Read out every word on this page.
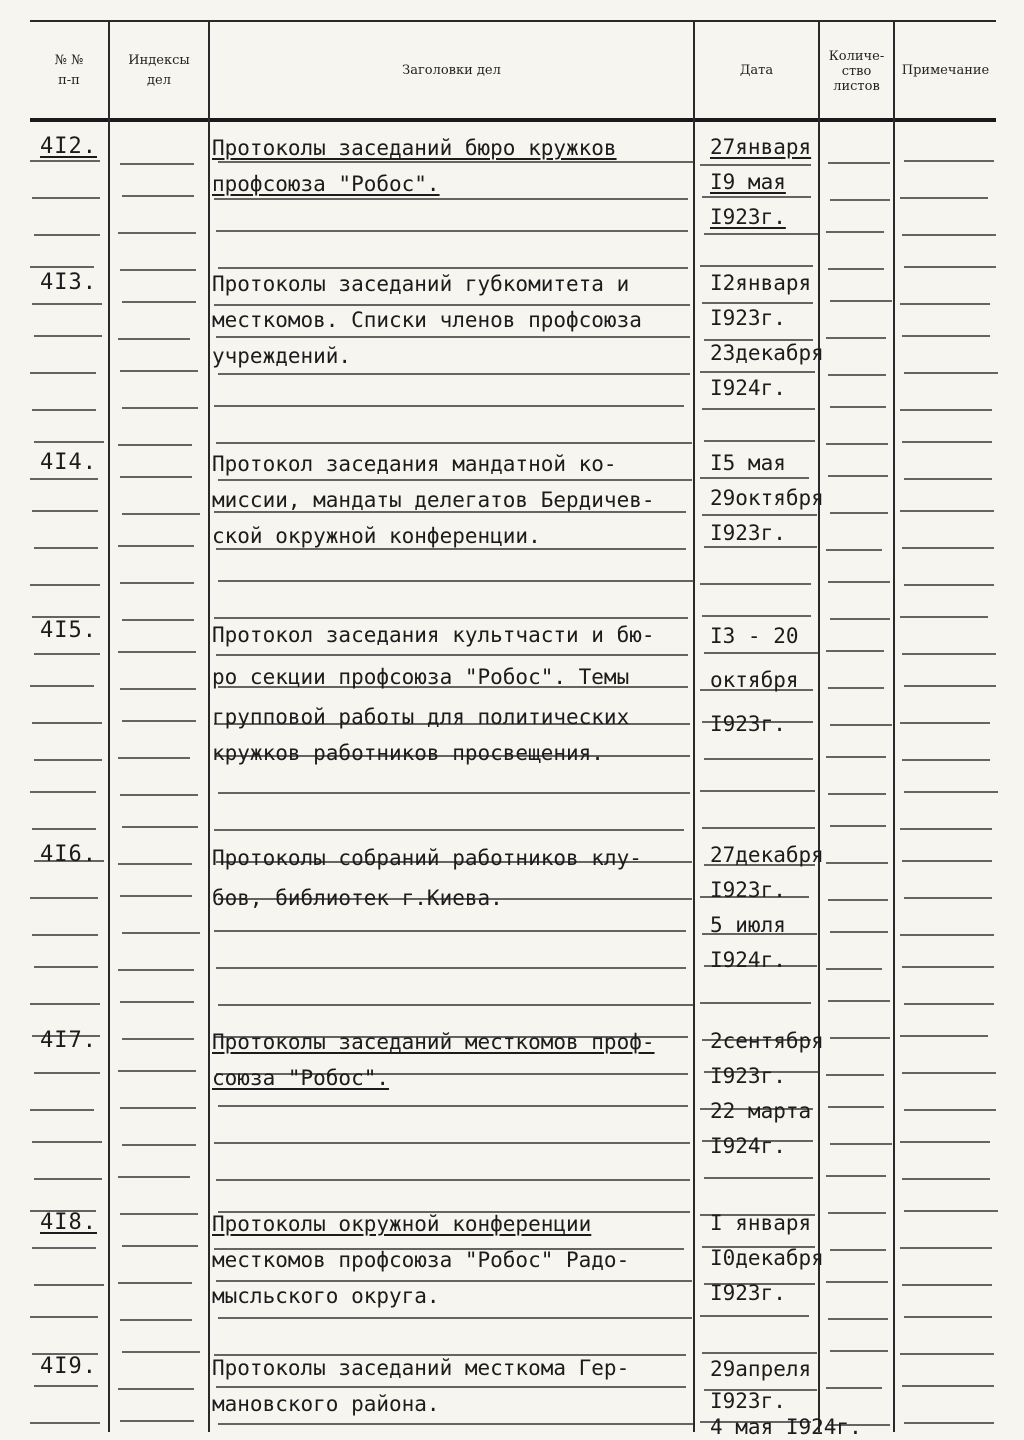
№ №
п-п
Индексы
дел
Заголовки дел	Дата
Количе-
ство
листов
Примечание
4I2.	Протоколы заседаний бюро кружков
профсоюза "Робос".
27января
I9 мая
I923г.
4I3.	Протоколы заседаний губкомитета и
месткомов. Списки членов профсоюза
учреждений.
I2января
I923г.
23декабря
I924г.
4I4.	Протокол заседания мандатной ко-
миссии, мандаты делегатов Бердичев-
ской окружной конференции.
I5 мая
29октября
I923г.
4I5.	Протокол заседания культчасти и бю-
ро секции профсоюза "Робос". Темы
групповой работы для политических
кружков работников просвещения.
I3 - 20
октября
I923г.
4I6.	Протоколы собраний работников клу-
бов, библиотек г.Киева.
27декабря
I923г.
5 июля
I924г.
4I7.	Протоколы заседаний месткомов проф-
союза "Робос".
2сентября
I923г.
22 марта
I924г.
4I8.	Протоколы окружной конференции
месткомов профсоюза "Робос" Радо-
мысльского округа.
I января
I0декабря
I923г.
4I9.	Протоколы заседаний месткома Гер-
мановского района.
29апреля
I923г.
4 мая I924г.
